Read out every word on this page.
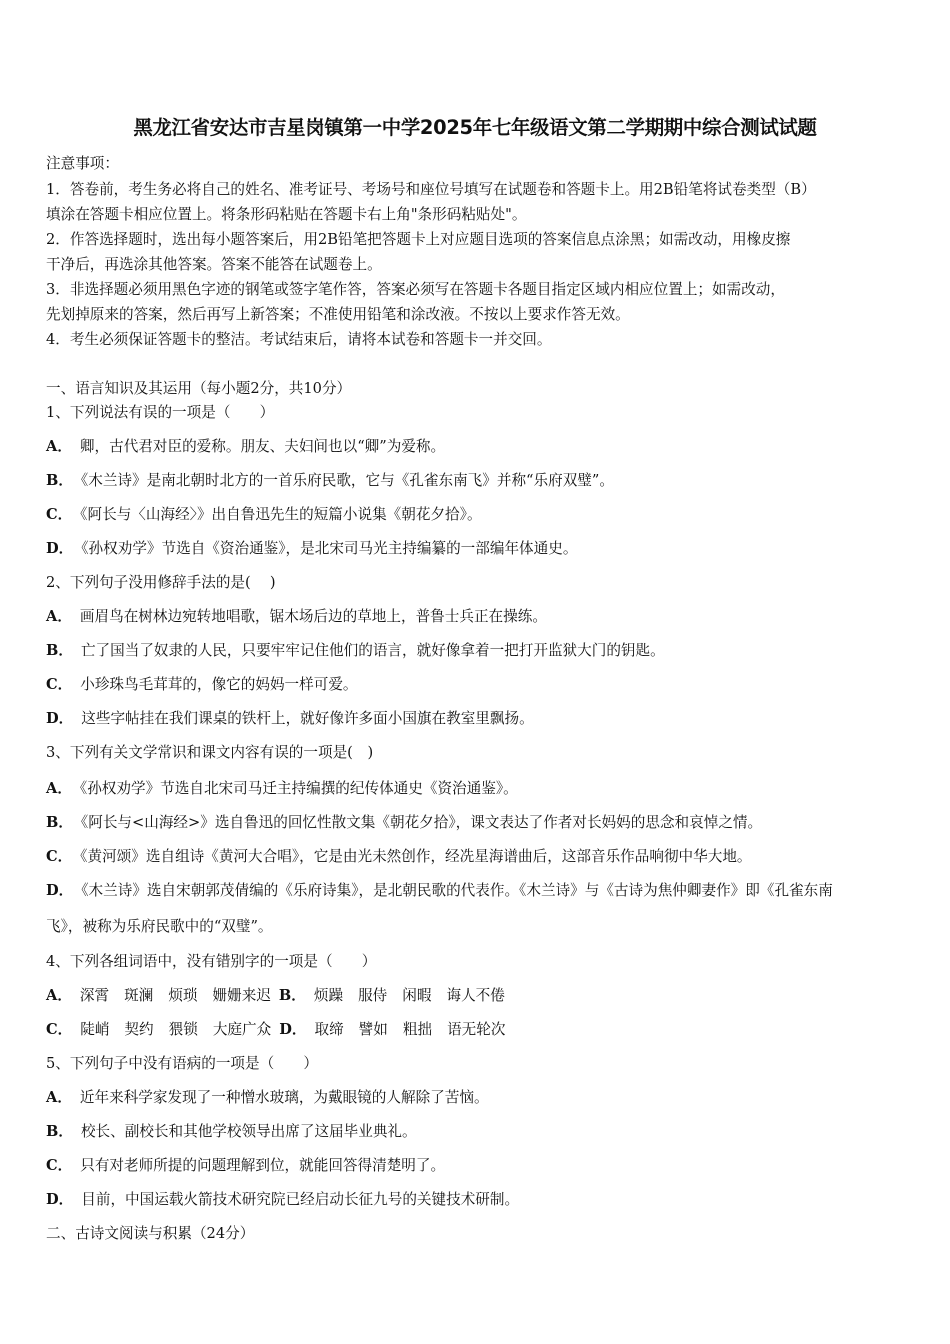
黑龙江省安达市吉星岗镇第一中学2025年七年级语文第二学期期中综合测试试题
注意事项：
1．答卷前，考生务必将自己的姓名、准考证号、考场号和座位号填写在试题卷和答题卡上。用2B铅笔将试卷类型（B）
填涂在答题卡相应位置上。将条形码粘贴在答题卡右上角"条形码粘贴处"。
2．作答选择题时，选出每小题答案后，用2B铅笔把答题卡上对应题目选项的答案信息点涂黑；如需改动，用橡皮擦
干净后，再选涂其他答案。答案不能答在试题卷上。
3．非选择题必须用黑色字迹的钢笔或签字笔作答，答案必须写在答题卡各题目指定区域内相应位置上；如需改动，
先划掉原来的答案，然后再写上新答案；不准使用铅笔和涂改液。不按以上要求作答无效。
4．考生必须保证答题卡的整洁。考试结束后，请将本试卷和答题卡一并交回。
一、语言知识及其运用（每小题2分，共10分）
1、下列说法有误的一项是（　　）
A． 卿，古代君对臣的爱称。朋友、夫妇间也以“卿”为爱称。
B． 《木兰诗》是南北朝时北方的一首乐府民歌，它与《孔雀东南飞》并称“乐府双璧”。
C． 《阿长与〈山海经〉》出自鲁迅先生的短篇小说集《朝花夕拾》。
D． 《孙权劝学》节选自《资治通鉴》，是北宋司马光主持编纂的一部编年体通史。
2、下列句子没用修辞手法的是(　 )
A． 画眉鸟在树林边宛转地唱歌，锯木场后边的草地上，普鲁士兵正在操练。
B． 亡了国当了奴隶的人民，只要牢牢记住他们的语言，就好像拿着一把打开监狱大门的钥匙。
C． 小珍珠鸟毛茸茸的，像它的妈妈一样可爱。
D． 这些字帖挂在我们课桌的铁杆上，就好像许多面小国旗在教室里飘扬。
3、下列有关文学常识和课文内容有误的一项是(　)
A． 《孙权劝学》节选自北宋司马迁主持编撰的纪传体通史《资治通鉴》。
B． 《阿长与<山海经>》选自鲁迅的回忆性散文集《朝花夕拾》，课文表达了作者对长妈妈的思念和哀悼之情。
C． 《黄河颂》选自组诗《黄河大合唱》，它是由光未然创作，经冼星海谱曲后，这部音乐作品响彻中华大地。
D． 《木兰诗》选自宋朝郭茂倩编的《乐府诗集》，是北朝民歌的代表作。《木兰诗》与《古诗为焦仲卿妻作》即《孔雀东南
飞》，被称为乐府民歌中的“双璧”。
4、下列各组词语中，没有错别字的一项是（　　）
A． 深霄 斑澜 烦琐 姗姗来迟 B． 烦躁 服侍 闲暇 诲人不倦
C． 陡峭 契约 猥锁 大庭广众 D． 取缔 譬如 粗拙 语无轮次
5、下列句子中没有语病的一项是（　　）
A． 近年来科学家发现了一种憎水玻璃，为戴眼镜的人解除了苦恼。
B． 校长、副校长和其他学校领导出席了这届毕业典礼。
C． 只有对老师所提的问题理解到位，就能回答得清楚明了。
D． 目前，中国运载火箭技术研究院已经启动长征九号的关键技术研制。
二、古诗文阅读与积累（24分）
